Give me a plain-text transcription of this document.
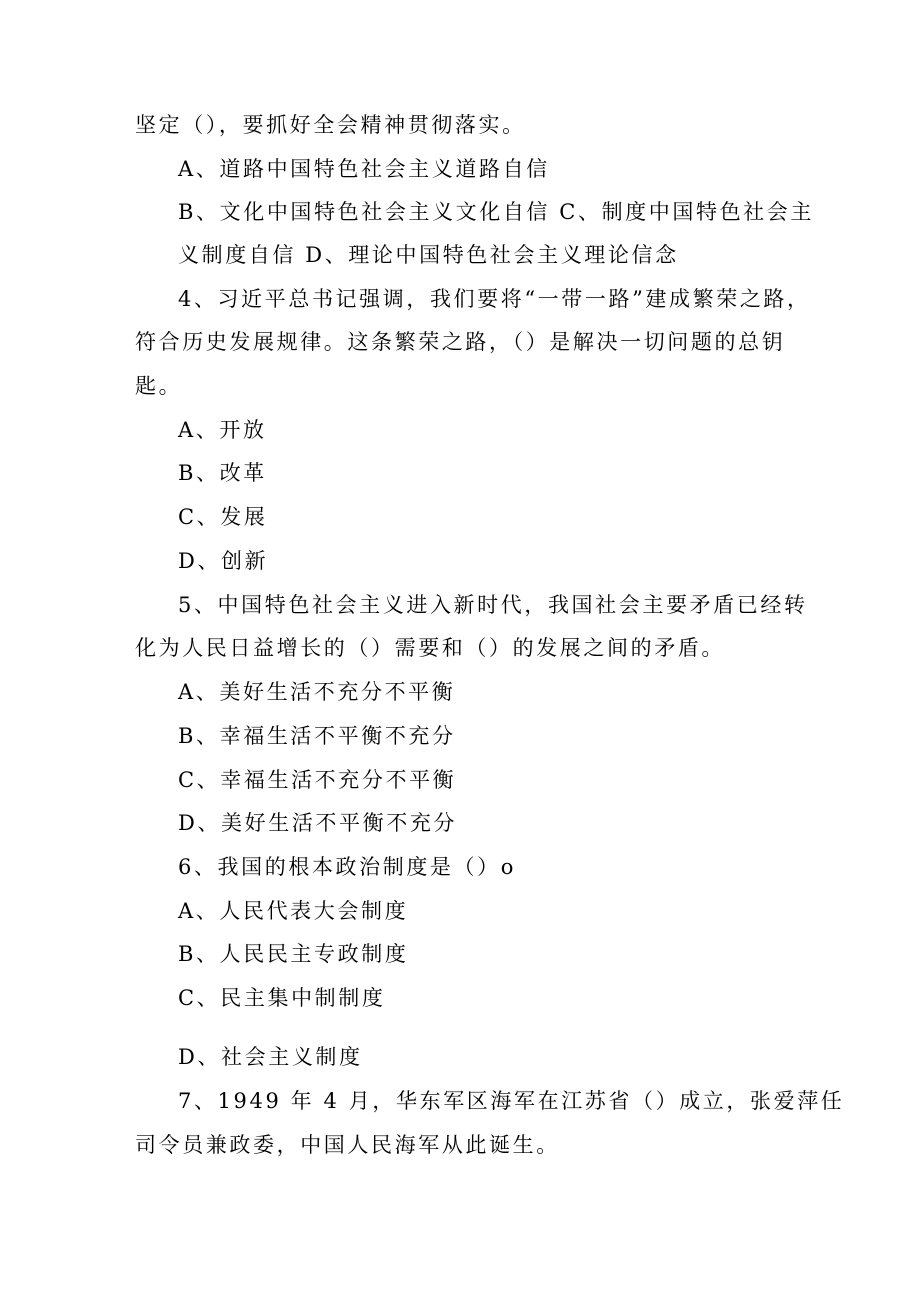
坚定（），要抓好全会精神贯彻落实。

A、道路中国特色社会主义道路自信

B、文化中国特色社会主义文化自信 C、制度中国特色社会主

义制度自信 D、理论中国特色社会主义理论信念

4、习近平总书记强调，我们要将“一带一路”建成繁荣之路，

符合历史发展规律。这条繁荣之路，（）是解决一切问题的总钥

匙。

A、开放

B、改革

C、发展

D、创新

5、中国特色社会主义进入新时代，我国社会主要矛盾已经转

化为人民日益增长的（）需要和（）的发展之间的矛盾。

A、美好生活不充分不平衡

B、幸福生活不平衡不充分

C、幸福生活不充分不平衡

D、美好生活不平衡不充分

6、我国的根本政治制度是（）o

A、人民代表大会制度

B、人民民主专政制度

C、民主集中制制度

D、社会主义制度

7、1949 年 4 月，华东军区海军在江苏省（）成立，张爱萍任

司令员兼政委，中国人民海军从此诞生。
